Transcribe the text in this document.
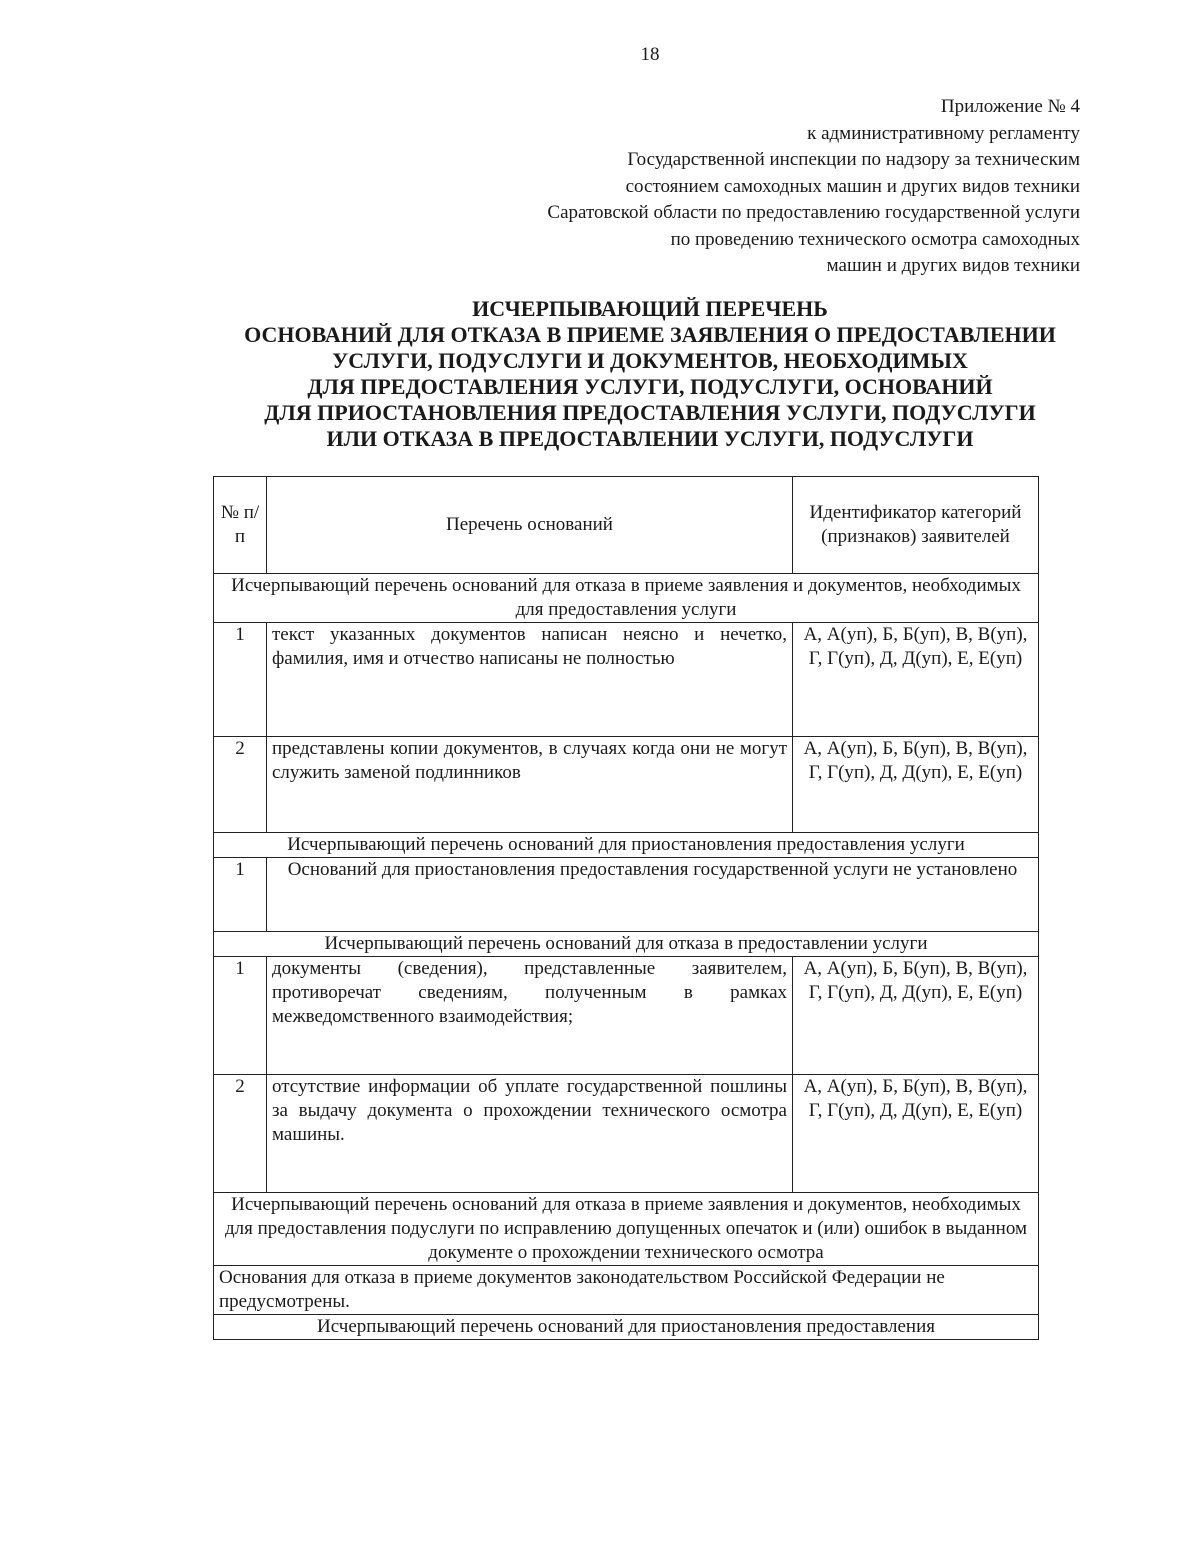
18
Приложение № 4
к административному регламенту
Государственной инспекции по надзору за техническим
состоянием самоходных машин и других видов техники
Саратовской области по предоставлению государственной услуги
по проведению технического осмотра самоходных
машин и других видов техники
ИСЧЕРПЫВАЮЩИЙ ПЕРЕЧЕНЬ
ОСНОВАНИЙ ДЛЯ ОТКАЗА В ПРИЕМЕ ЗАЯВЛЕНИЯ О ПРЕДОСТАВЛЕНИИ
УСЛУГИ, ПОДУСЛУГИ И ДОКУМЕНТОВ, НЕОБХОДИМЫХ
ДЛЯ ПРЕДОСТАВЛЕНИЯ УСЛУГИ, ПОДУСЛУГИ, ОСНОВАНИЙ
ДЛЯ ПРИОСТАНОВЛЕНИЯ ПРЕДОСТАВЛЕНИЯ УСЛУГИ, ПОДУСЛУГИ
ИЛИ ОТКАЗА В ПРЕДОСТАВЛЕНИИ УСЛУГИ, ПОДУСЛУГИ
№ п/п	Перечень оснований	Идентификатор категорий (признаков) заявителей
Исчерпывающий перечень оснований для отказа в приеме заявления и документов, необходимых для предоставления услуги		
1	текст указанных документов написан неясно и нечетко, фамилия, имя и отчество написаны не полностью	А, А(уп), Б, Б(уп), В, В(уп), Г, Г(уп), Д, Д(уп), Е, Е(уп)
2	представлены копии документов, в случаях когда они не могут служить заменой подлинников	А, А(уп), Б, Б(уп), В, В(уп), Г, Г(уп), Д, Д(уп), Е, Е(уп)
Исчерпывающий перечень оснований для приостановления предоставления услуги		
1	Оснований для приостановления предоставления государственной услуги не установлено	
Исчерпывающий перечень оснований для отказа в предоставлении услуги		
1	документы (сведения), представленные заявителем, противоречат сведениям, полученным в рамках межведомственного взаимодействия;	А, А(уп), Б, Б(уп), В, В(уп), Г, Г(уп), Д, Д(уп), Е, Е(уп)
2	отсутствие информации об уплате государственной пошлины за выдачу документа о прохождении технического осмотра машины.	А, А(уп), Б, Б(уп), В, В(уп), Г, Г(уп), Д, Д(уп), Е, Е(уп)
Исчерпывающий перечень оснований для отказа в приеме заявления и документов, необходимых для предоставления подуслуги по исправлению допущенных опечаток и (или) ошибок в выданном документе о прохождении технического осмотра		
Основания для отказа в приеме документов законодательством Российской Федерации не предусмотрены.		
Исчерпывающий перечень оснований для приостановления предоставления		
